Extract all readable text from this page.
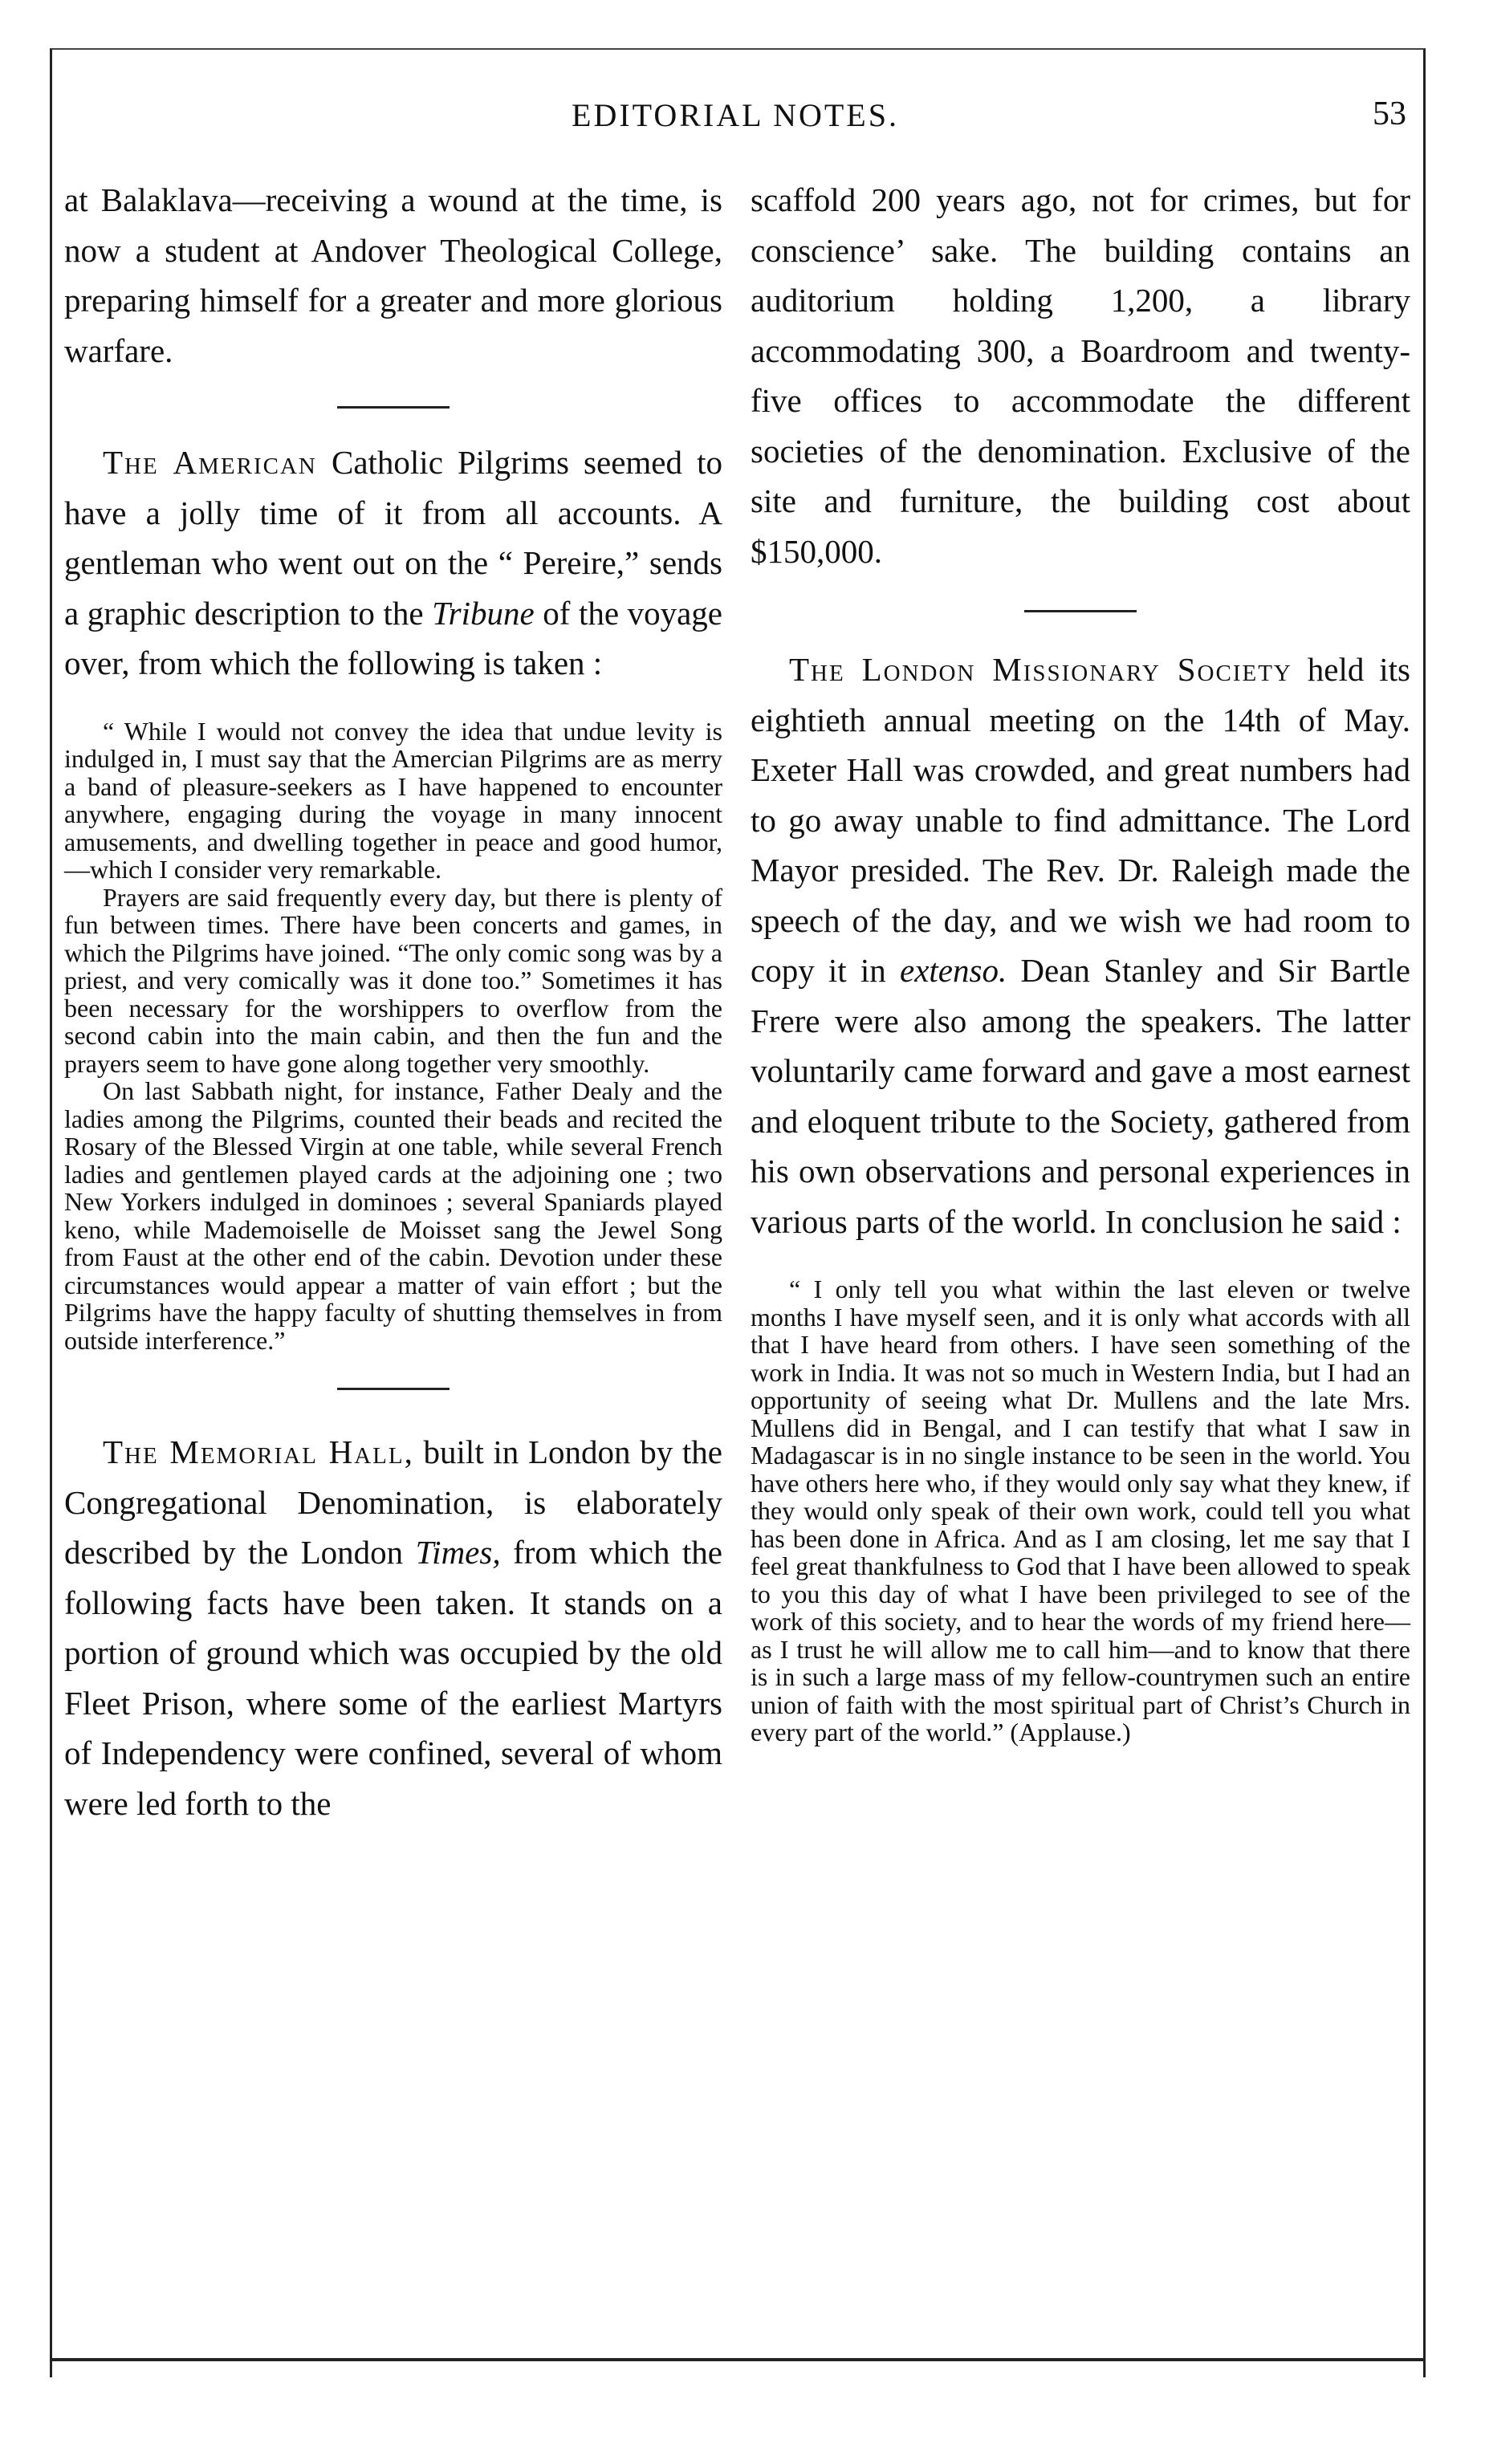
EDITORIAL NOTES.	53

at Balaklava—receiving a wound at the time, is now a student at Andover Theological College, preparing himself for a greater and more glorious warfare.

The American Catholic Pilgrims seemed to have a jolly time of it from all accounts. A gentleman who went out on the “ Pereire,” sends a graphic description to the Tribune of the voyage over, from which the following is taken :

“ While I would not convey the idea that undue levity is indulged in, I must say that the Amercian Pilgrims are as merry a band of pleasure-seekers as I have happened to encounter anywhere, engaging during the voyage in many innocent amusements, and dwelling together in peace and good humor,—which I consider very remarkable.

Prayers are said frequently every day, but there is plenty of fun between times. There have been concerts and games, in which the Pilgrims have joined. “The only comic song was by a priest, and very comically was it done too.” Sometimes it has been necessary for the worshippers to overflow from the second cabin into the main cabin, and then the fun and the prayers seem to have gone along together very smoothly.

On last Sabbath night, for instance, Father Dealy and the ladies among the Pilgrims, counted their beads and recited the Rosary of the Blessed Virgin at one table, while several French ladies and gentlemen played cards at the adjoining one ; two New Yorkers indulged in dominoes ; several Spaniards played keno, while Mademoiselle de Moisset sang the Jewel Song from Faust at the other end of the cabin. Devotion under these circumstances would appear a matter of vain effort ; but the Pilgrims have the happy faculty of shutting themselves in from outside interference.”

The Memorial Hall, built in London by the Congregational Denomination, is elaborately described by the London Times, from which the following facts have been taken. It stands on a portion of ground which was occupied by the old Fleet Prison, where some of the earliest Martyrs of Independency were confined, several of whom were led forth to the

scaffold 200 years ago, not for crimes, but for conscience’ sake. The building contains an auditorium holding 1,200, a library accommodating 300, a Boardroom and twenty-five offices to accommodate the different societies of the denomination. Exclusive of the site and furniture, the building cost about $150,000.

The London Missionary Society held its eightieth annual meeting on the 14th of May. Exeter Hall was crowded, and great numbers had to go away unable to find admittance. The Lord Mayor presided. The Rev. Dr. Raleigh made the speech of the day, and we wish we had room to copy it in extenso. Dean Stanley and Sir Bartle Frere were also among the speakers. The latter voluntarily came forward and gave a most earnest and eloquent tribute to the Society, gathered from his own observations and personal experiences in various parts of the world. In conclusion he said :

“ I only tell you what within the last eleven or twelve months I have myself seen, and it is only what accords with all that I have heard from others. I have seen something of the work in India. It was not so much in Western India, but I had an opportunity of seeing what Dr. Mullens and the late Mrs. Mullens did in Bengal, and I can testify that what I saw in Madagascar is in no single instance to be seen in the world. You have others here who, if they would only say what they knew, if they would only speak of their own work, could tell you what has been done in Africa. And as I am closing, let me say that I feel great thankfulness to God that I have been allowed to speak to you this day of what I have been privileged to see of the work of this society, and to hear the words of my friend here—as I trust he will allow me to call him—and to know that there is in such a large mass of my fellow-countrymen such an entire union of faith with the most spiritual part of Christ’s Church in every part of the world.” (Applause.)
